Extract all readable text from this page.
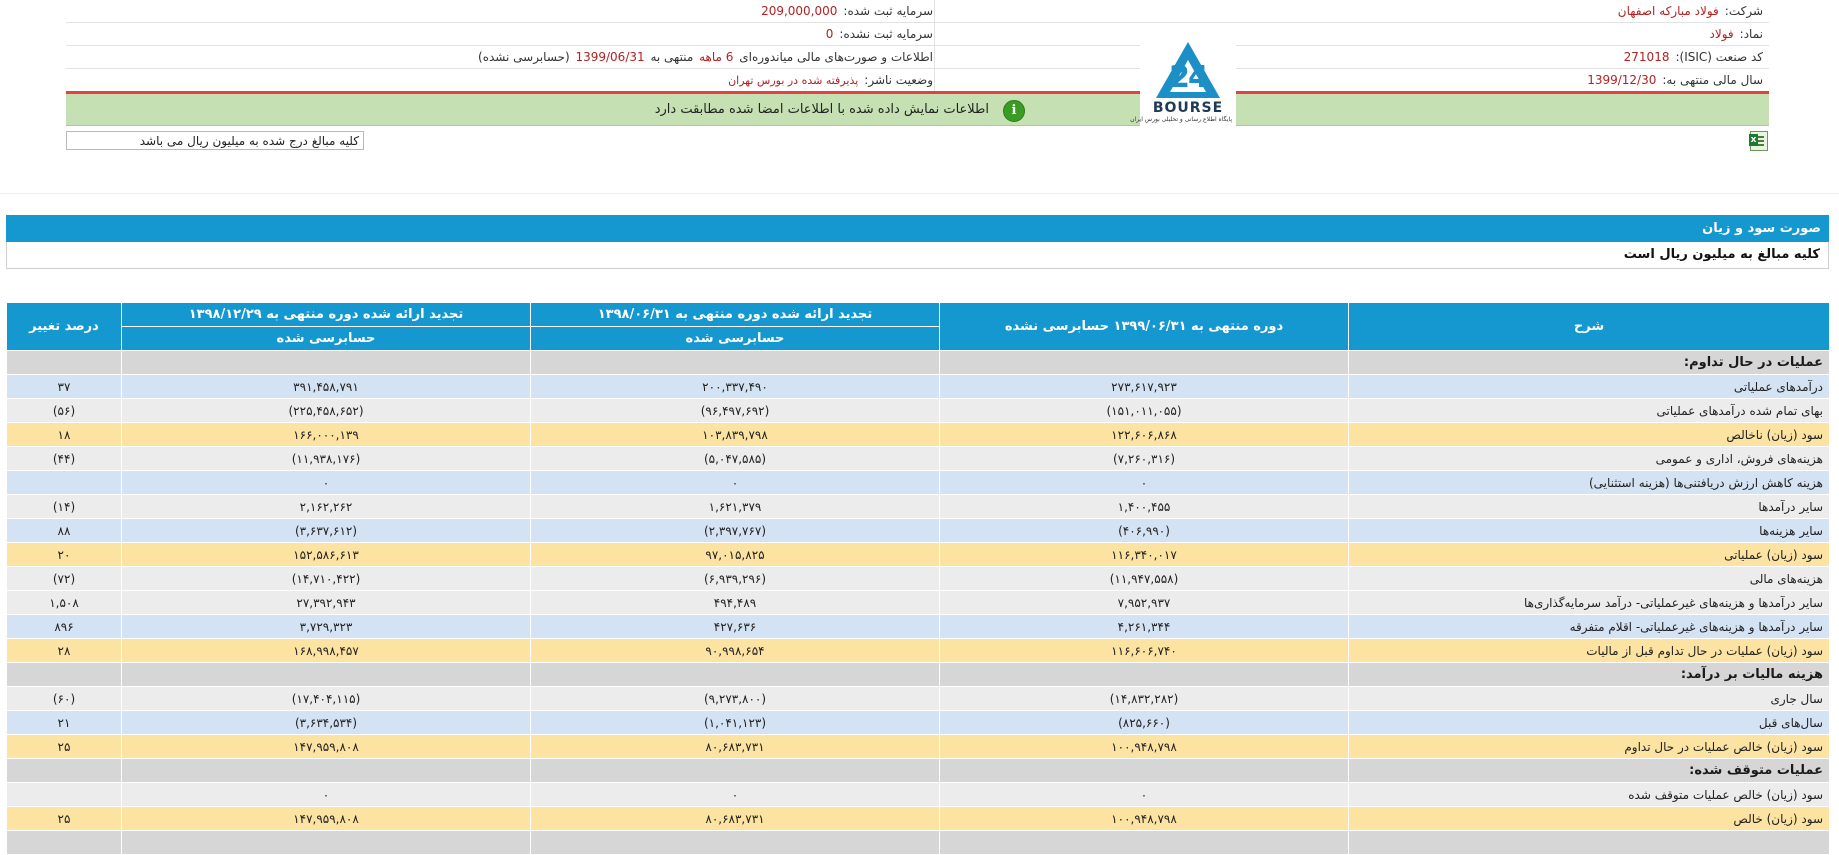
شرکت:فولاد مبارکه اصفهان
سرمایه ثبت شده:209,000,000
نماد:فولاد
سرمایه ثبت نشده:0
کد صنعت (ISIC):271018
اطلاعات و صورت‌های مالی میاندوره‌ای 6 ماهه منتهی به 1399/06/31 (حسابرسی نشده)
سال مالی منتهی به:1399/12/30
وضعیت ناشر:پذیرفته شده در بورس تهران
i
اطلاعات نمایش داده شده با اطلاعات امضا شده مطابقت دارد
24
BOURSE
پایگاه اطلاع رسانی و تحلیلی بورس ایران
کلیه مبالغ درج شده به میلیون ریال می باشد
x
صورت سود و زیان
کلیه مبالغ به میلیون ریال است
شرح	دوره منتهی به ۱۳۹۹/۰۶/۳۱ حسابرسی نشده	تجدید ارائه شده دوره منتهی به ۱۳۹۸/۰۶/۳۱	تجدید ارائه شده دوره منتهی به ۱۳۹۸/۱۲/۲۹	درصد تغییر
		حسابرسی شده	حسابرسی شده	
عملیات در حال تداوم:				
درآمدهای عملیاتی	۲۷۳,۶۱۷,۹۲۳	۲۰۰,۳۳۷,۴۹۰	۳۹۱,۴۵۸,۷۹۱	۳۷
بهای تمام شده درآمدهای عملیاتی	(۱۵۱,۰۱۱,۰۵۵)	(۹۶,۴۹۷,۶۹۲)	(۲۲۵,۴۵۸,۶۵۲)	(۵۶)
سود (زیان) ناخالص	۱۲۲,۶۰۶,۸۶۸	۱۰۳,۸۳۹,۷۹۸	۱۶۶,۰۰۰,۱۳۹	۱۸
هزینه‌های فروش، اداری و عمومی	(۷,۲۶۰,۳۱۶)	(۵,۰۴۷,۵۸۵)	(۱۱,۹۳۸,۱۷۶)	(۴۴)
هزینه کاهش ارزش دریافتنی‌ها (هزینه استثنایی)	۰	۰	۰	
سایر درآمدها	۱,۴۰۰,۴۵۵	۱,۶۲۱,۳۷۹	۲,۱۶۲,۲۶۲	(۱۴)
سایر هزینه‌ها	(۴۰۶,۹۹۰)	(۲,۳۹۷,۷۶۷)	(۳,۶۳۷,۶۱۲)	۸۸
سود (زیان) عملیاتی	۱۱۶,۳۴۰,۰۱۷	۹۷,۰۱۵,۸۲۵	۱۵۲,۵۸۶,۶۱۳	۲۰
هزینه‌های مالی	(۱۱,۹۴۷,۵۵۸)	(۶,۹۳۹,۲۹۶)	(۱۴,۷۱۰,۴۲۲)	(۷۲)
سایر درآمدها و هزینه‌های غیرعملیاتی- درآمد سرمایه‌گذاری‌ها	۷,۹۵۲,۹۳۷	۴۹۴,۴۸۹	۲۷,۳۹۲,۹۴۳	۱,۵۰۸
سایر درآمدها و هزینه‌های غیرعملیاتی- اقلام متفرقه	۴,۲۶۱,۳۴۴	۴۲۷,۶۳۶	۳,۷۲۹,۳۲۳	۸۹۶
سود (زیان) عملیات در حال تداوم قبل از مالیات	۱۱۶,۶۰۶,۷۴۰	۹۰,۹۹۸,۶۵۴	۱۶۸,۹۹۸,۴۵۷	۲۸
هزینه مالیات بر درآمد:				
سال جاری	(۱۴,۸۳۲,۲۸۲)	(۹,۲۷۳,۸۰۰)	(۱۷,۴۰۴,۱۱۵)	(۶۰)
سال‌های قبل	(۸۲۵,۶۶۰)	(۱,۰۴۱,۱۲۳)	(۳,۶۳۴,۵۳۴)	۲۱
سود (زیان) خالص عملیات در حال تداوم	۱۰۰,۹۴۸,۷۹۸	۸۰,۶۸۳,۷۳۱	۱۴۷,۹۵۹,۸۰۸	۲۵
عملیات متوقف شده:				
سود (زیان) خالص عملیات متوقف شده	۰	۰	۰	
سود (زیان) خالص	۱۰۰,۹۴۸,۷۹۸	۸۰,۶۸۳,۷۳۱	۱۴۷,۹۵۹,۸۰۸	۲۵
